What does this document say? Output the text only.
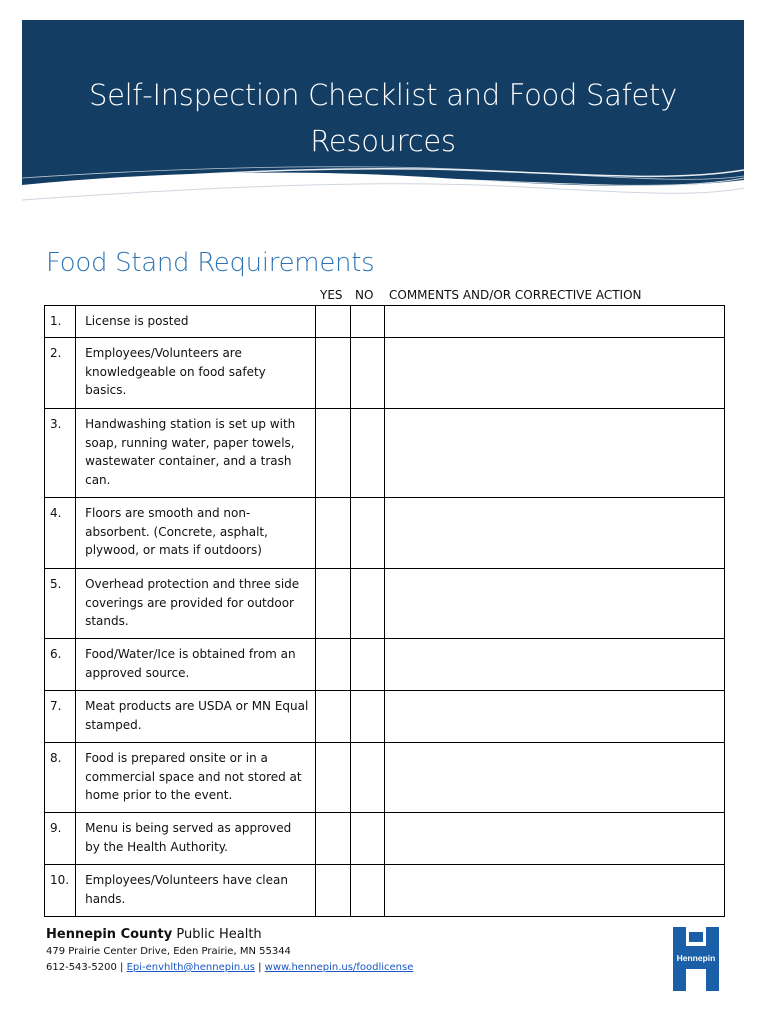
Self-Inspection Checklist and Food Safety
Resources
Food Stand Requirements
YES NO COMMENTS AND/OR CORRECTIVE ACTION
1.	License is posted			
2.	Employees/Volunteers are knowledgeable on food safety basics.			
3.	Handwashing station is set up with soap, running water, paper towels, wastewater container, and a trash can.			
4.	Floors are smooth and non-absorbent. (Concrete, asphalt, plywood, or mats if outdoors)			
5.	Overhead protection and three side coverings are provided for outdoor stands.			
6.	Food/Water/Ice is obtained from an approved source.			
7.	Meat products are USDA or MN Equal stamped.			
8.	Food is prepared onsite or in a commercial space and not stored at home prior to the event.			
9.	Menu is being served as approved by the Health Authority.			
10.	Employees/Volunteers have clean hands.			
Hennepin County Public Health
479 Prairie Center Drive, Eden Prairie, MN 55344
612-543-5200 | Epi-envhlth@hennepin.us | www.hennepin.us/foodlicense
Hennepin
